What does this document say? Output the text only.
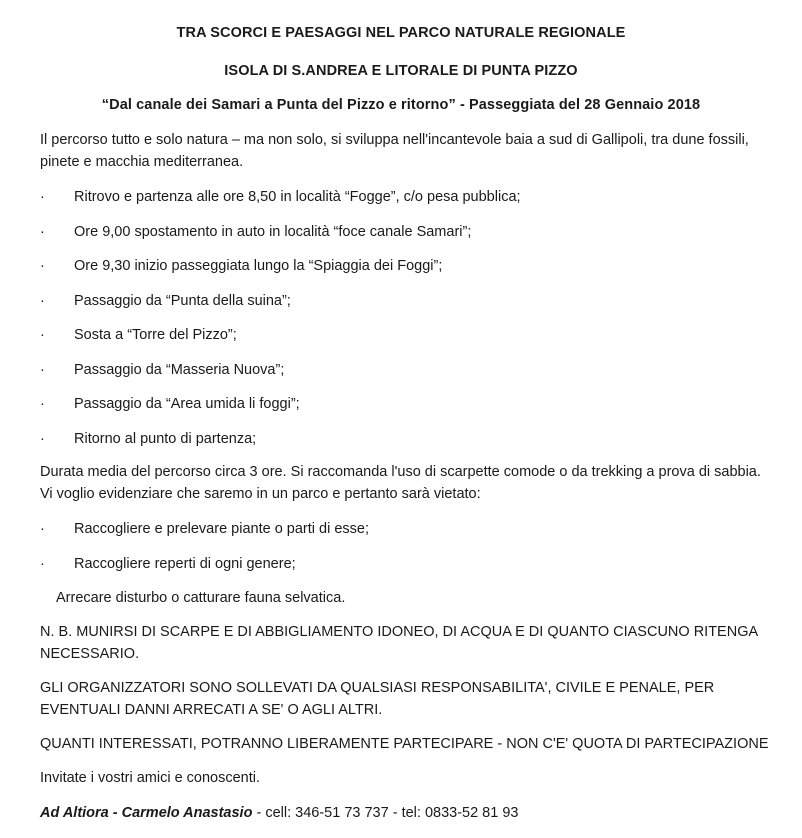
TRA SCORCI E PAESAGGI NEL PARCO NATURALE REGIONALE
ISOLA DI S.ANDREA E LITORALE DI PUNTA PIZZO
“Dal canale dei Samari a Punta del Pizzo e ritorno” - Passeggiata del 28 Gennaio 2018
Il percorso tutto e solo natura – ma non solo, si sviluppa nell'incantevole baia a sud di Gallipoli, tra dune fossili, pinete e macchia mediterranea.
·	Ritrovo e partenza alle ore 8,50 in località “Fogge”, c/o pesa pubblica;
·	Ore 9,00 spostamento in auto in località “foce canale Samari”;
·	Ore 9,30 inizio passeggiata lungo la “Spiaggia dei Foggi”;
·	Passaggio da “Punta della suina”;
·	Sosta a “Torre del Pizzo”;
·	Passaggio da “Masseria Nuova”;
·	Passaggio da “Area umida li foggi”;
·	Ritorno al punto di partenza;
Durata media del percorso circa 3 ore. Si raccomanda l'uso di scarpette comode o da trekking a prova di sabbia. Vi voglio evidenziare che saremo in un parco e pertanto sarà vietato:
·	Raccogliere e prelevare piante o parti di esse;
·	Raccogliere reperti di ogni genere;
Arrecare disturbo o catturare fauna selvatica.
N. B. MUNIRSI DI SCARPE E DI ABBIGLIAMENTO IDONEO, DI ACQUA E DI QUANTO CIASCUNO RITENGA NECESSARIO.
GLI ORGANIZZATORI SONO SOLLEVATI DA QUALSIASI RESPONSABILITA', CIVILE E PENALE, PER EVENTUALI DANNI ARRECATI A SE' O AGLI ALTRI.
QUANTI INTERESSATI, POTRANNO LIBERAMENTE PARTECIPARE - NON C'E' QUOTA DI PARTECIPAZIONE
Invitate i vostri amici e conoscenti.
Ad Altiora - Carmelo Anastasio - cell: 346-51 73 737 - tel: 0833-52 81 93
